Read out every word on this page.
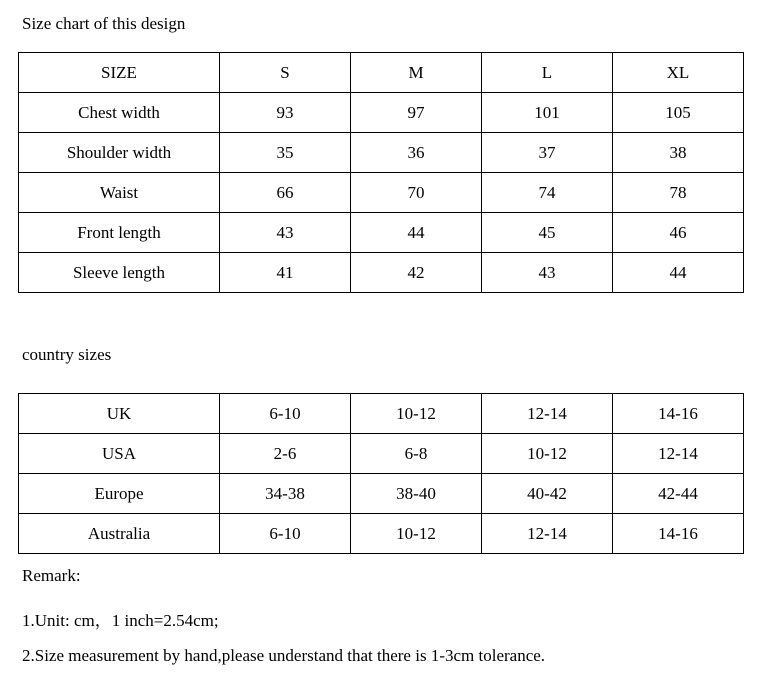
Size chart of this design
SIZE	S	M	L	XL
Chest width	93	97	101	105
Shoulder width	35	36	37	38
Waist	66	70	74	78
Front length	43	44	45	46
Sleeve length	41	42	43	44
country sizes
UK	6-10	10-12	12-14	14-16
USA	2-6	6-8	10-12	12-14
Europe	34-38	38-40	40-42	42-44
Australia	6-10	10-12	12-14	14-16
Remark:
1.Unit: cm，1 inch=2.54cm;
2.Size measurement by hand,please understand that there is 1-3cm tolerance.
